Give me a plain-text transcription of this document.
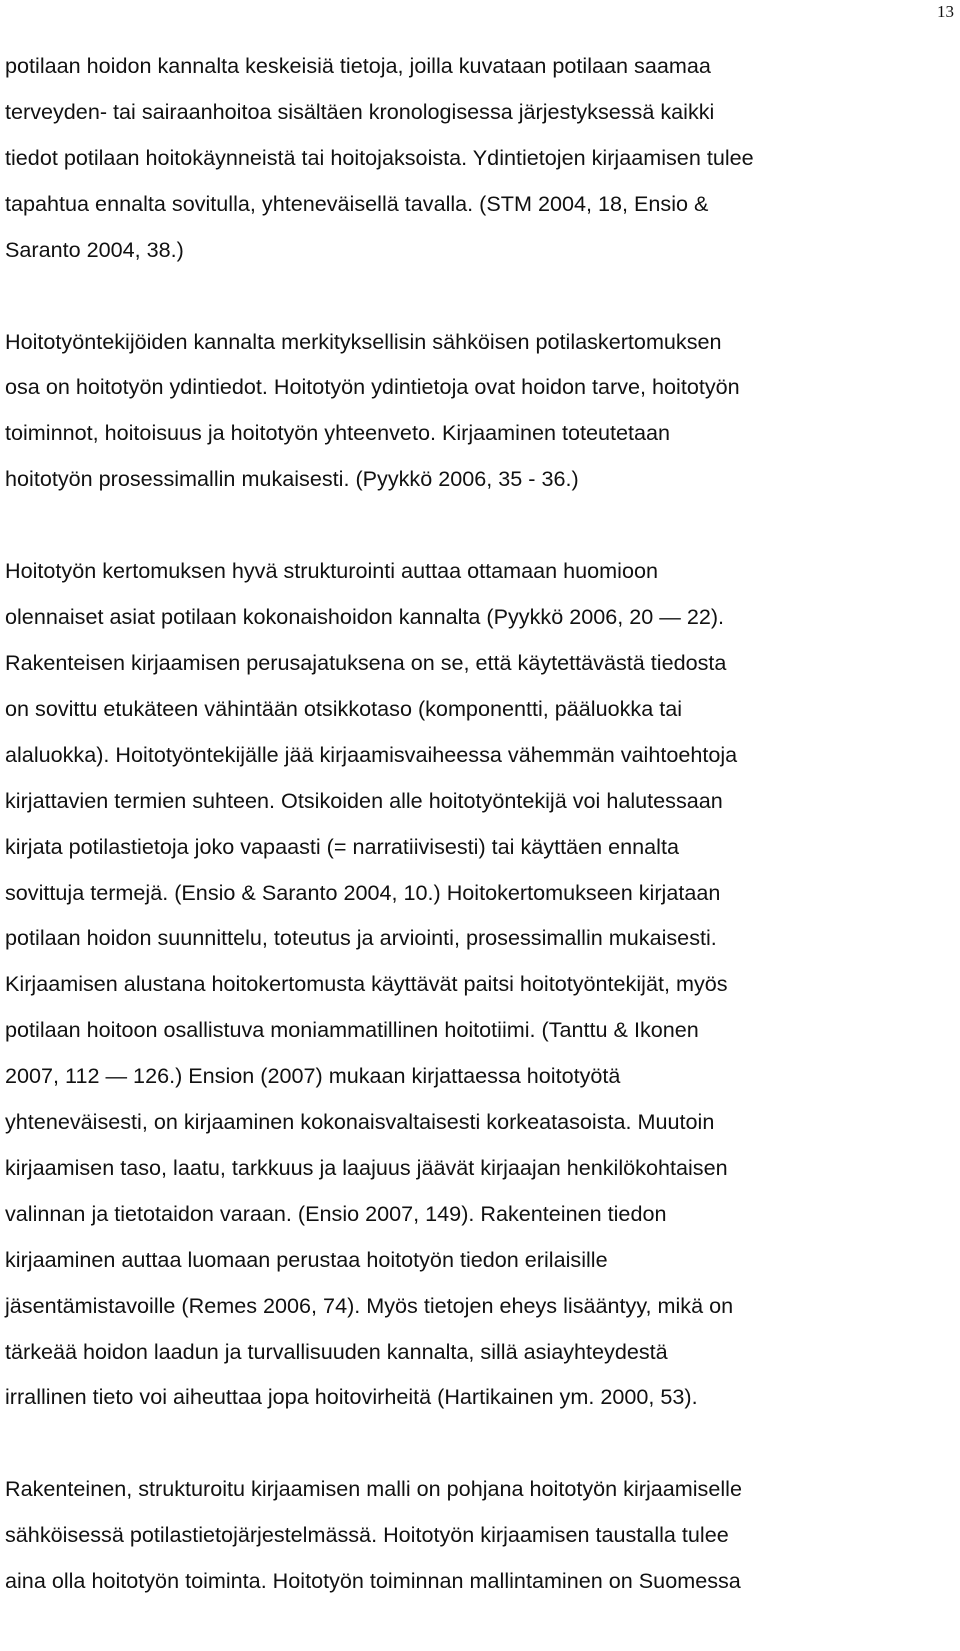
13
potilaan hoidon kannalta keskeisiä tietoja, joilla kuvataan potilaan saamaa
terveyden- tai sairaanhoitoa sisältäen kronologisessa järjestyksessä kaikki
tiedot potilaan hoitokäynneistä tai hoitojaksoista. Ydintietojen kirjaamisen tulee
tapahtua ennalta sovitulla, yhteneväisellä tavalla. (STM 2004, 18, Ensio &
Saranto 2004, 38.)
Hoitotyöntekijöiden kannalta merkityksellisin sähköisen potilaskertomuksen
osa on hoitotyön ydintiedot. Hoitotyön ydintietoja ovat hoidon tarve, hoitotyön
toiminnot, hoitoisuus ja hoitotyön yhteenveto. Kirjaaminen toteutetaan
hoitotyön prosessimallin mukaisesti. (Pyykkö 2006, 35 - 36.)
Hoitotyön kertomuksen hyvä strukturointi auttaa ottamaan huomioon
olennaiset asiat potilaan kokonaishoidon kannalta (Pyykkö 2006, 20 — 22).
Rakenteisen kirjaamisen perusajatuksena on se, että käytettävästä tiedosta
on sovittu etukäteen vähintään otsikkotaso (komponentti, pääluokka tai
alaluokka). Hoitotyöntekijälle jää kirjaamisvaiheessa vähemmän vaihtoehtoja
kirjattavien termien suhteen. Otsikoiden alle hoitotyöntekijä voi halutessaan
kirjata potilastietoja joko vapaasti (= narratiivisesti) tai käyttäen ennalta
sovittuja termejä. (Ensio & Saranto 2004, 10.) Hoitokertomukseen kirjataan
potilaan hoidon suunnittelu, toteutus ja arviointi, prosessimallin mukaisesti.
Kirjaamisen alustana hoitokertomusta käyttävät paitsi hoitotyöntekijät, myös
potilaan hoitoon osallistuva moniammatillinen hoitotiimi. (Tanttu & Ikonen
2007, 112 — 126.) Ension (2007) mukaan kirjattaessa hoitotyötä
yhteneväisesti, on kirjaaminen kokonaisvaltaisesti korkeatasoista. Muutoin
kirjaamisen taso, laatu, tarkkuus ja laajuus jäävät kirjaajan henkilökohtaisen
valinnan ja tietotaidon varaan. (Ensio 2007, 149). Rakenteinen tiedon
kirjaaminen auttaa luomaan perustaa hoitotyön tiedon erilaisille
jäsentämistavoille (Remes 2006, 74). Myös tietojen eheys lisääntyy, mikä on
tärkeää hoidon laadun ja turvallisuuden kannalta, sillä asiayhteydestä
irrallinen tieto voi aiheuttaa jopa hoitovirheitä (Hartikainen ym. 2000, 53).
Rakenteinen, strukturoitu kirjaamisen malli on pohjana hoitotyön kirjaamiselle
sähköisessä potilastietojärjestelmässä. Hoitotyön kirjaamisen taustalla tulee
aina olla hoitotyön toiminta. Hoitotyön toiminnan mallintaminen on Suomessa
